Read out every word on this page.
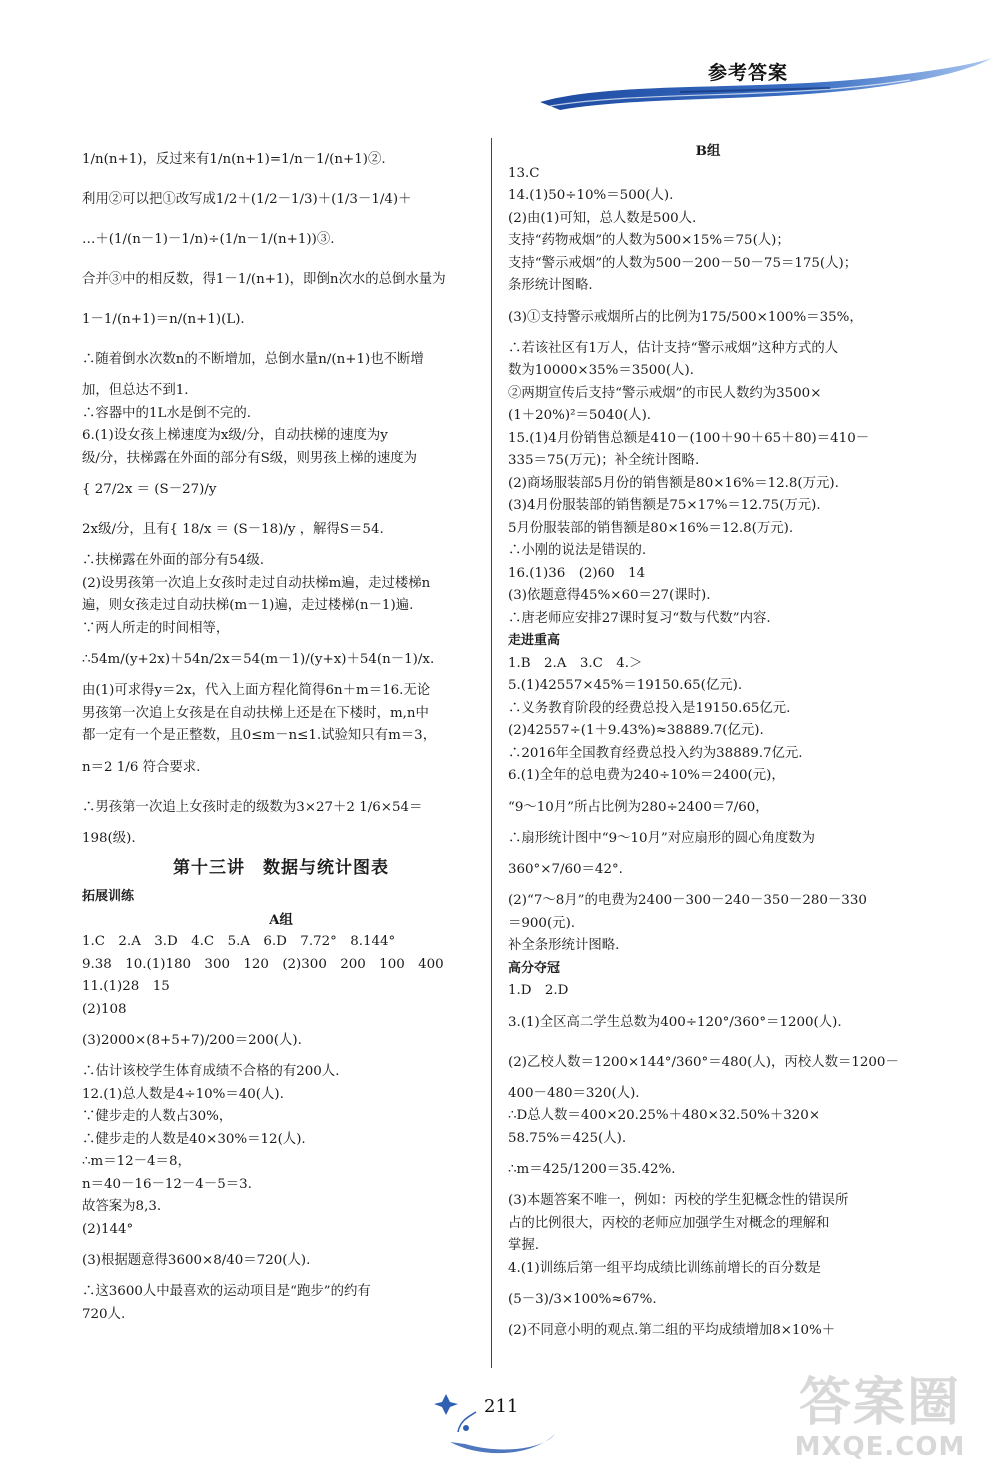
参考答案
1/n(n+1)，反过来有1/n(n+1)=1/n－1/(n+1)②.
利用②可以把①改写成1/2＋(1/2－1/3)＋(1/3－1/4)＋
…＋(1/(n－1)－1/n)÷(1/n－1/(n+1))③.
合并③中的相反数，得1－1/(n+1)，即倒n次水的总倒水量为
1－1/(n+1)＝n/(n+1)(L).
∴随着倒水次数n的不断增加，总倒水量n/(n+1)也不断增
加，但总达不到1.
∴容器中的1L水是倒不完的.
6.(1)设女孩上梯速度为x级/分，自动扶梯的速度为y
级/分，扶梯露在外面的部分有S级，则男孩上梯的速度为
{ 27/2x ＝ (S－27)/y
2x级/分，且有{ 18/x ＝ (S－18)/y ，解得S＝54.
∴扶梯露在外面的部分有54级.
(2)设男孩第一次追上女孩时走过自动扶梯m遍，走过楼梯n
遍，则女孩走过自动扶梯(m－1)遍，走过楼梯(n－1)遍.
∵两人所走的时间相等，
∴54m/(y+2x)＋54n/2x＝54(m－1)/(y+x)＋54(n－1)/x.
由(1)可求得y＝2x，代入上面方程化简得6n＋m＝16.无论
男孩第一次追上女孩是在自动扶梯上还是在下楼时，m,n中
都一定有一个是正整数，且0≤m－n≤1.试验知只有m＝3，
n＝2 1/6 符合要求.
∴男孩第一次追上女孩时走的级数为3×27＋2 1/6×54＝
198(级).
第十三讲　数据与统计图表
拓展训练
A组
1.C　2.A　3.D　4.C　5.A　6.D　7.72°　8.144°
9.38　10.(1)180　300　120　(2)300　200　100　400
11.(1)28　15
(2)108
(3)2000×(8+5+7)/200＝200(人).
∴估计该校学生体育成绩不合格的有200人.
12.(1)总人数是4÷10%＝40(人).
∵健步走的人数占30%，
∴健步走的人数是40×30%＝12(人).
∴m＝12－4＝8，
n＝40－16－12－4－5＝3.
故答案为8,3.
(2)144°
(3)根据题意得3600×8/40＝720(人).
∴这3600人中最喜欢的运动项目是“跑步”的约有
720人.
B组
13.C
14.(1)50÷10%＝500(人).
(2)由(1)可知，总人数是500人.
支持“药物戒烟”的人数为500×15%＝75(人)；
支持“警示戒烟”的人数为500－200－50－75＝175(人)；
条形统计图略.
(3)①支持警示戒烟所占的比例为175/500×100%＝35%，
∴若该社区有1万人，估计支持“警示戒烟”这种方式的人
数为10000×35%＝3500(人).
②两期宣传后支持“警示戒烟”的市民人数约为3500×
(1＋20%)²＝5040(人).
15.(1)4月份销售总额是410－(100＋90＋65＋80)＝410－
335＝75(万元)；补全统计图略.
(2)商场服装部5月份的销售额是80×16%＝12.8(万元).
(3)4月份服装部的销售额是75×17%＝12.75(万元).
5月份服装部的销售额是80×16%＝12.8(万元).
∴小刚的说法是错误的.
16.(1)36　(2)60　14
(3)依题意得45%×60＝27(课时).
∴唐老师应安排27课时复习“数与代数”内容.
走进重高
1.B　2.A　3.C　4.＞
5.(1)42557×45%＝19150.65(亿元).
∴义务教育阶段的经费总投入是19150.65亿元.
(2)42557÷(1＋9.43%)≈38889.7(亿元).
∴2016年全国教育经费总投入约为38889.7亿元.
6.(1)全年的总电费为240÷10%＝2400(元)，
“9～10月”所占比例为280÷2400＝7/60，
∴扇形统计图中“9～10月”对应扇形的圆心角度数为
360°×7/60＝42°.
(2)“7～8月”的电费为2400－300－240－350－280－330
＝900(元).
补全条形统计图略.
高分夺冠
1.D　2.D
3.(1)全区高二学生总数为400÷120°/360°＝1200(人).
(2)乙校人数＝1200×144°/360°＝480(人)，丙校人数＝1200－
400－480＝320(人).
∴D总人数＝400×20.25%＋480×32.50%＋320×
58.75%＝425(人).
∴m＝425/1200＝35.42%.
(3)本题答案不唯一，例如：丙校的学生犯概念性的错误所
占的比例很大，丙校的老师应加强学生对概念的理解和
掌握.
4.(1)训练后第一组平均成绩比训练前增长的百分数是
(5－3)/3×100%≈67%.
(2)不同意小明的观点.第二组的平均成绩增加8×10%＋
211	答案圈
MXQE.COM
